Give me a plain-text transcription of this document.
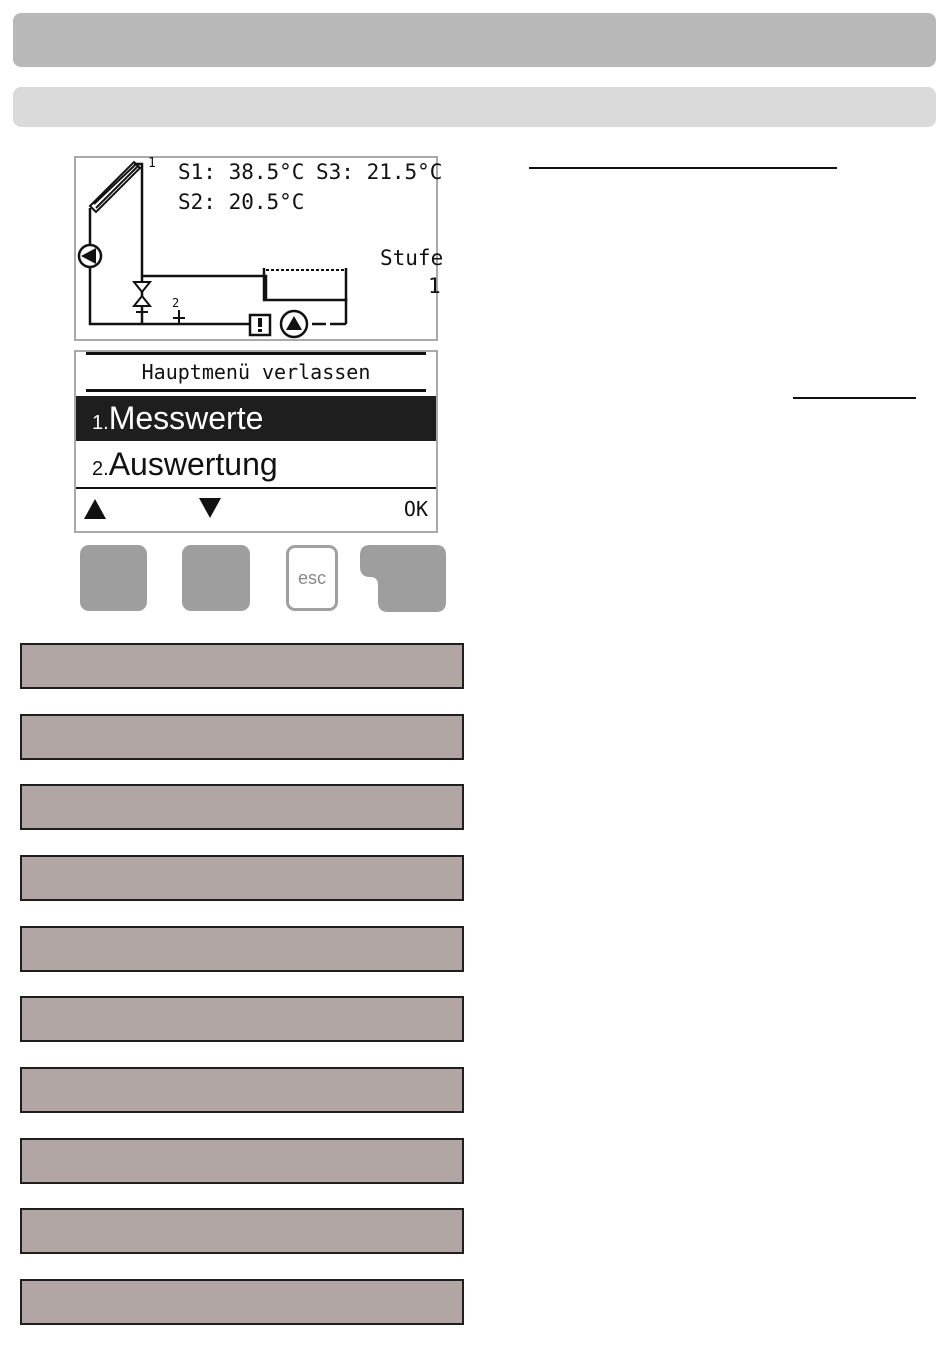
1
2
S1: 38.5°C S3: 21.5°C
S2: 20.5°C
Stufe
1
Hauptmenü verlassen
1.Messwerte
2.Auswertung
OK
esc
